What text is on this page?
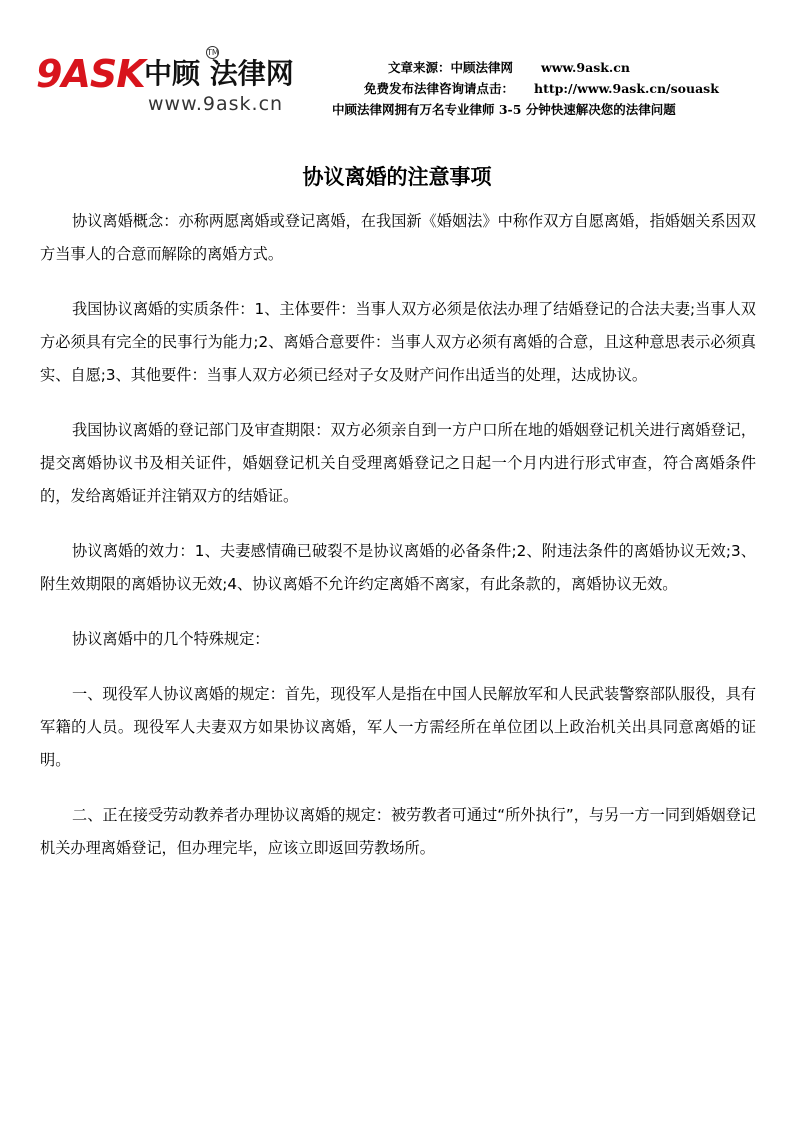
9ASK 中顾 法律网
TM
www.9ask.cn
文章来源：中顾法律网 www.9ask.cn
免费发布法律咨询请点击： http://www.9ask.cn/souask
中顾法律网拥有万名专业律师 3-5 分钟快速解决您的法律问题
协议离婚的注意事项

协议离婚概念：亦称两愿离婚或登记离婚，在我国新《婚姻法》中称作双方自愿离婚，指婚姻关系因双方当事人的合意而解除的离婚方式。

我国协议离婚的实质条件：1、主体要件：当事人双方必须是依法办理了结婚登记的合法夫妻;当事人双方必须具有完全的民事行为能力;2、离婚合意要件：当事人双方必须有离婚的合意，且这种意思表示必须真实、自愿;3、其他要件：当事人双方必须已经对子女及财产问作出适当的处理，达成协议。

我国协议离婚的登记部门及审查期限：双方必须亲自到一方户口所在地的婚姻登记机关进行离婚登记，提交离婚协议书及相关证件，婚姻登记机关自受理离婚登记之日起一个月内进行形式审查，符合离婚条件的，发给离婚证并注销双方的结婚证。

协议离婚的效力：1、夫妻感情确已破裂不是协议离婚的必备条件;2、附违法条件的离婚协议无效;3、附生效期限的离婚协议无效;4、协议离婚不允许约定离婚不离家，有此条款的，离婚协议无效。

协议离婚中的几个特殊规定：

一、现役军人协议离婚的规定：首先，现役军人是指在中国人民解放军和人民武装警察部队服役，具有军籍的人员。现役军人夫妻双方如果协议离婚，军人一方需经所在单位团以上政治机关出具同意离婚的证明。

二、正在接受劳动教养者办理协议离婚的规定：被劳教者可通过“所外执行”，与另一方一同到婚姻登记机关办理离婚登记，但办理完毕，应该立即返回劳教场所。
